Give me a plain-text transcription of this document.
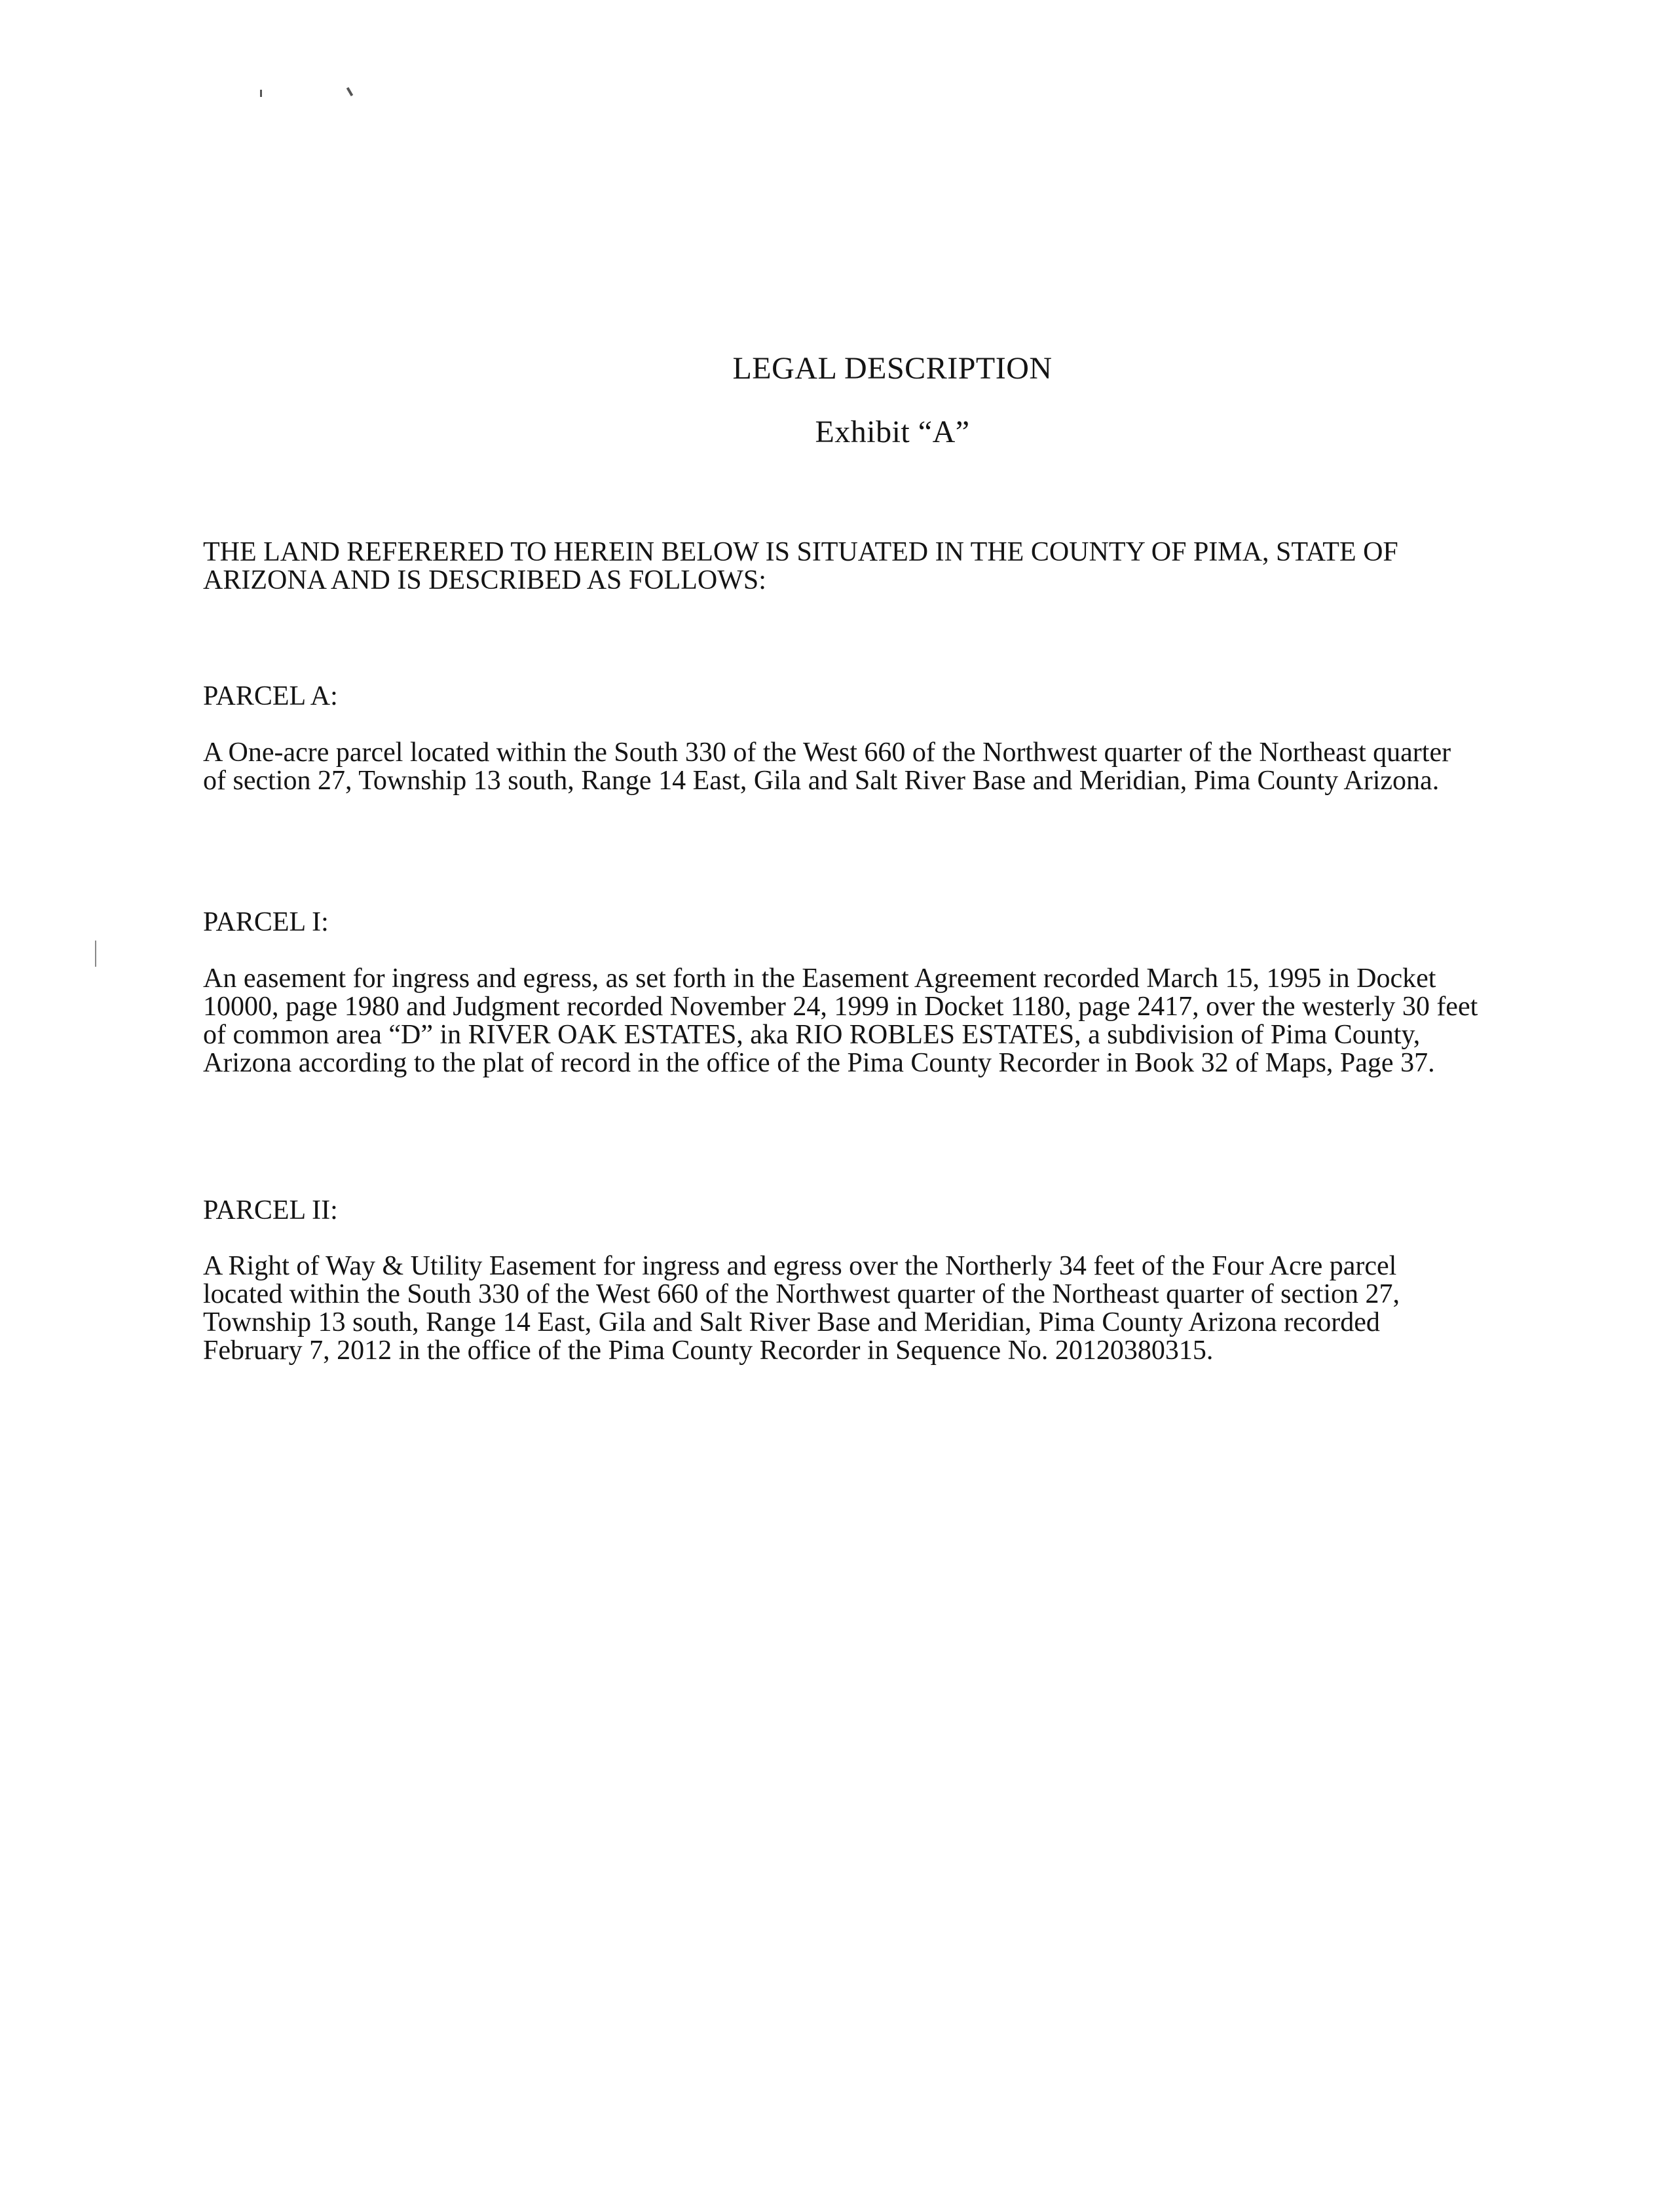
LEGAL DESCRIPTION
Exhibit “A”
THE LAND REFERERED TO HEREIN BELOW IS SITUATED IN THE COUNTY OF PIMA, STATE OF ARIZONA AND IS DESCRIBED AS FOLLOWS:
PARCEL A:
A One-acre parcel located within the South 330 of the West 660 of the Northwest quarter of the Northeast quarter of section 27, Township 13 south, Range 14 East, Gila and Salt River Base and Meridian, Pima County Arizona.
PARCEL I:
An easement for ingress and egress, as set forth in the Easement Agreement recorded March 15, 1995 in Docket 10000, page 1980 and Judgment recorded November 24, 1999 in Docket 1180, page 2417, over the westerly 30 feet of common area “D” in RIVER OAK ESTATES, aka RIO ROBLES ESTATES, a subdivision of Pima County, Arizona according to the plat of record in the office of the Pima County Recorder in Book 32 of Maps, Page 37.
PARCEL II:
A Right of Way & Utility Easement for ingress and egress over the Northerly 34 feet of the Four Acre parcel located within the South 330 of the West 660 of the Northwest quarter of the Northeast quarter of section 27, Township 13 south, Range 14 East, Gila and Salt River Base and Meridian, Pima County Arizona recorded February 7, 2012 in the office of the Pima County Recorder in Sequence No. 20120380315.
